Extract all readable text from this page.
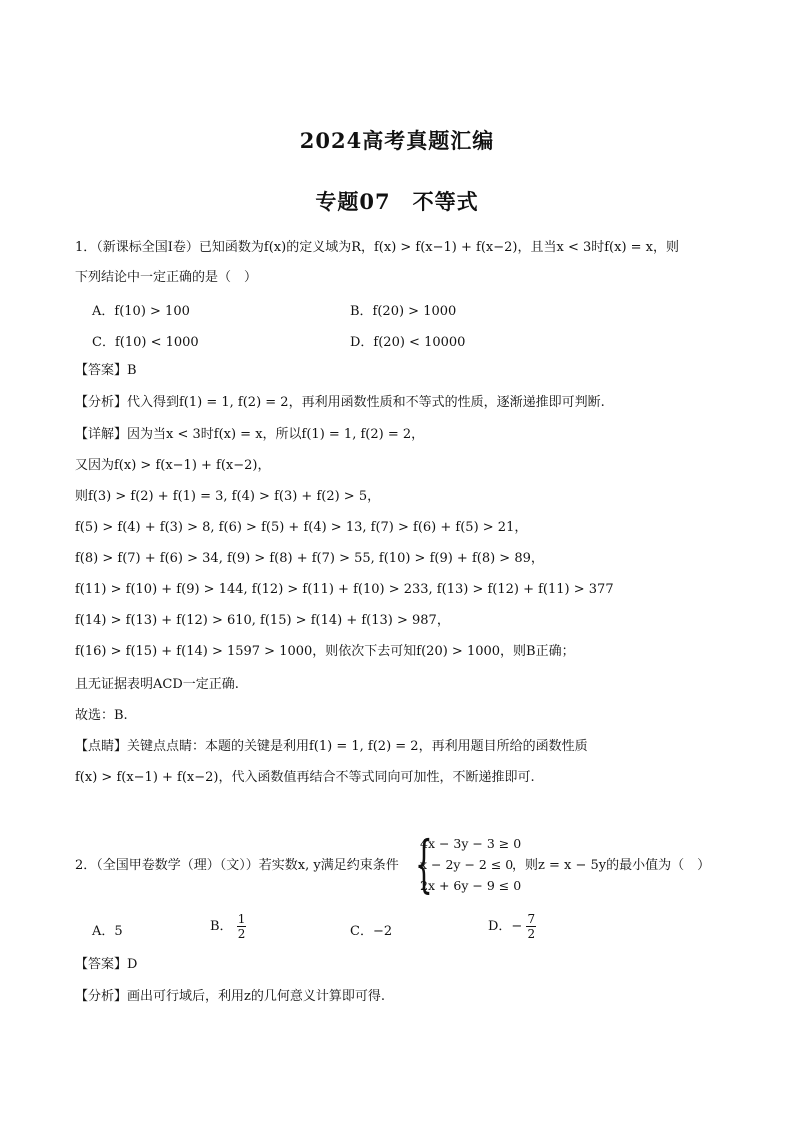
2024高考真题汇编
专题07　不等式
1．（新课标全国Ⅰ卷）已知函数为f(x)的定义域为R，f(x) > f(x−1) + f(x−2)，且当x < 3时f(x) = x，则
下列结论中一定正确的是（　）
A．f(10) > 100	B．f(20) > 1000
C．f(10) < 1000	D．f(20) < 10000
【答案】B
【分析】代入得到f(1) = 1, f(2) = 2，再利用函数性质和不等式的性质，逐渐递推即可判断.
【详解】因为当x < 3时f(x) = x，所以f(1) = 1, f(2) = 2，
又因为f(x) > f(x−1) + f(x−2)，
则f(3) > f(2) + f(1) = 3, f(4) > f(3) + f(2) > 5，
f(5) > f(4) + f(3) > 8, f(6) > f(5) + f(4) > 13, f(7) > f(6) + f(5) > 21，
f(8) > f(7) + f(6) > 34, f(9) > f(8) + f(7) > 55, f(10) > f(9) + f(8) > 89，
f(11) > f(10) + f(9) > 144, f(12) > f(11) + f(10) > 233, f(13) > f(12) + f(11) > 377
f(14) > f(13) + f(12) > 610, f(15) > f(14) + f(13) > 987，
f(16) > f(15) + f(14) > 1597 > 1000，则依次下去可知f(20) > 1000，则B正确；
且无证据表明ACD一定正确.
故选：B.
【点睛】关键点点睛：本题的关键是利用f(1) = 1, f(2) = 2，再利用题目所给的函数性质
f(x) > f(x−1) + f(x−2)，代入函数值再结合不等式同向可加性，不断递推即可.
2．（全国甲卷数学（理）（文））若实数x, y满足约束条件 {
4x − 3y − 3 ≥ 0
x − 2y − 2 ≤ 0
2x + 6y − 9 ≤ 0
，则z = x − 5y的最小值为（　）
A．5	B． $\frac{1}{2}$	C．−2	D．− $\frac{7}{2}$
【答案】D
【分析】画出可行域后，利用z的几何意义计算即可得.
